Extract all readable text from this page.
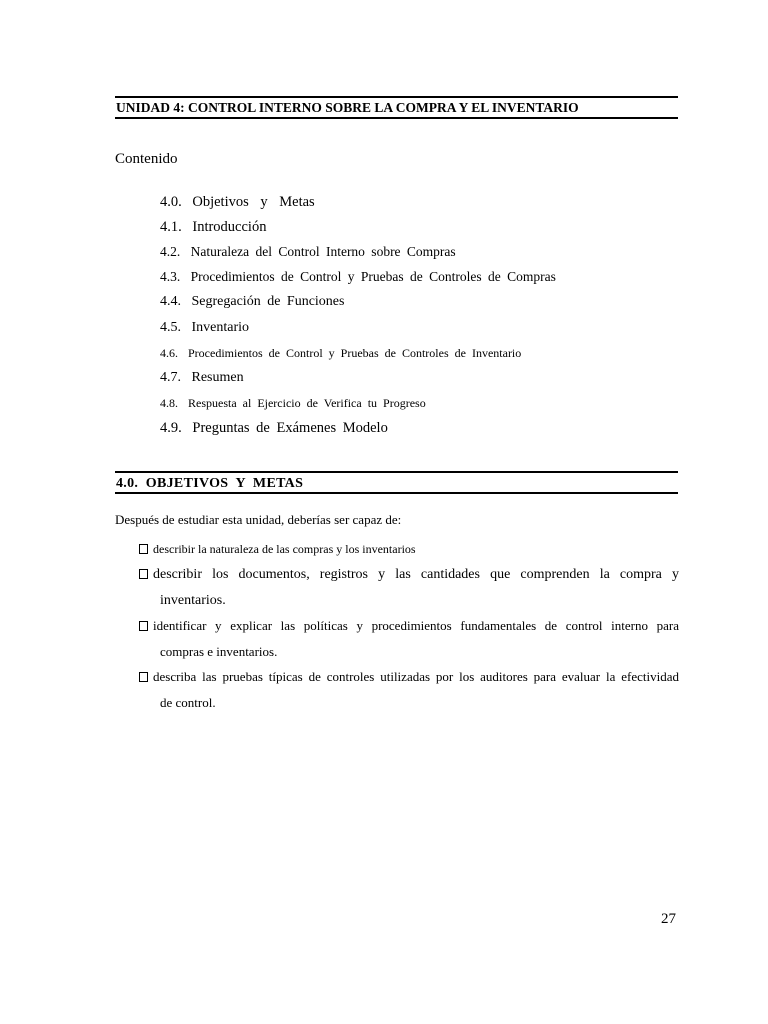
UNIDAD 4: CONTROL INTERNO SOBRE LA COMPRA Y EL INVENTARIO
Contenido
4.0. Objetivos y Metas
4.1. Introducción
4.2. Naturaleza del Control Interno sobre Compras
4.3. Procedimientos de Control y Pruebas de Controles de Compras
4.4. Segregación de Funciones
4.5. Inventario
4.6. Procedimientos de Control y Pruebas de Controles de Inventario
4.7. Resumen
4.8. Respuesta al Ejercicio de Verifica tu Progreso
4.9. Preguntas de Exámenes Modelo
4.0.  OBJETIVOS  Y  METAS
Después de estudiar esta unidad, deberías ser capaz de:
describir la naturaleza de las compras y los inventarios
describir los documentos, registros y las cantidades que comprenden la compra y
inventarios.
identificar y explicar las políticas y procedimientos fundamentales de control interno para
compras e inventarios.
describa las pruebas típicas de controles utilizadas por los auditores para evaluar la efectividad
de control.
27
